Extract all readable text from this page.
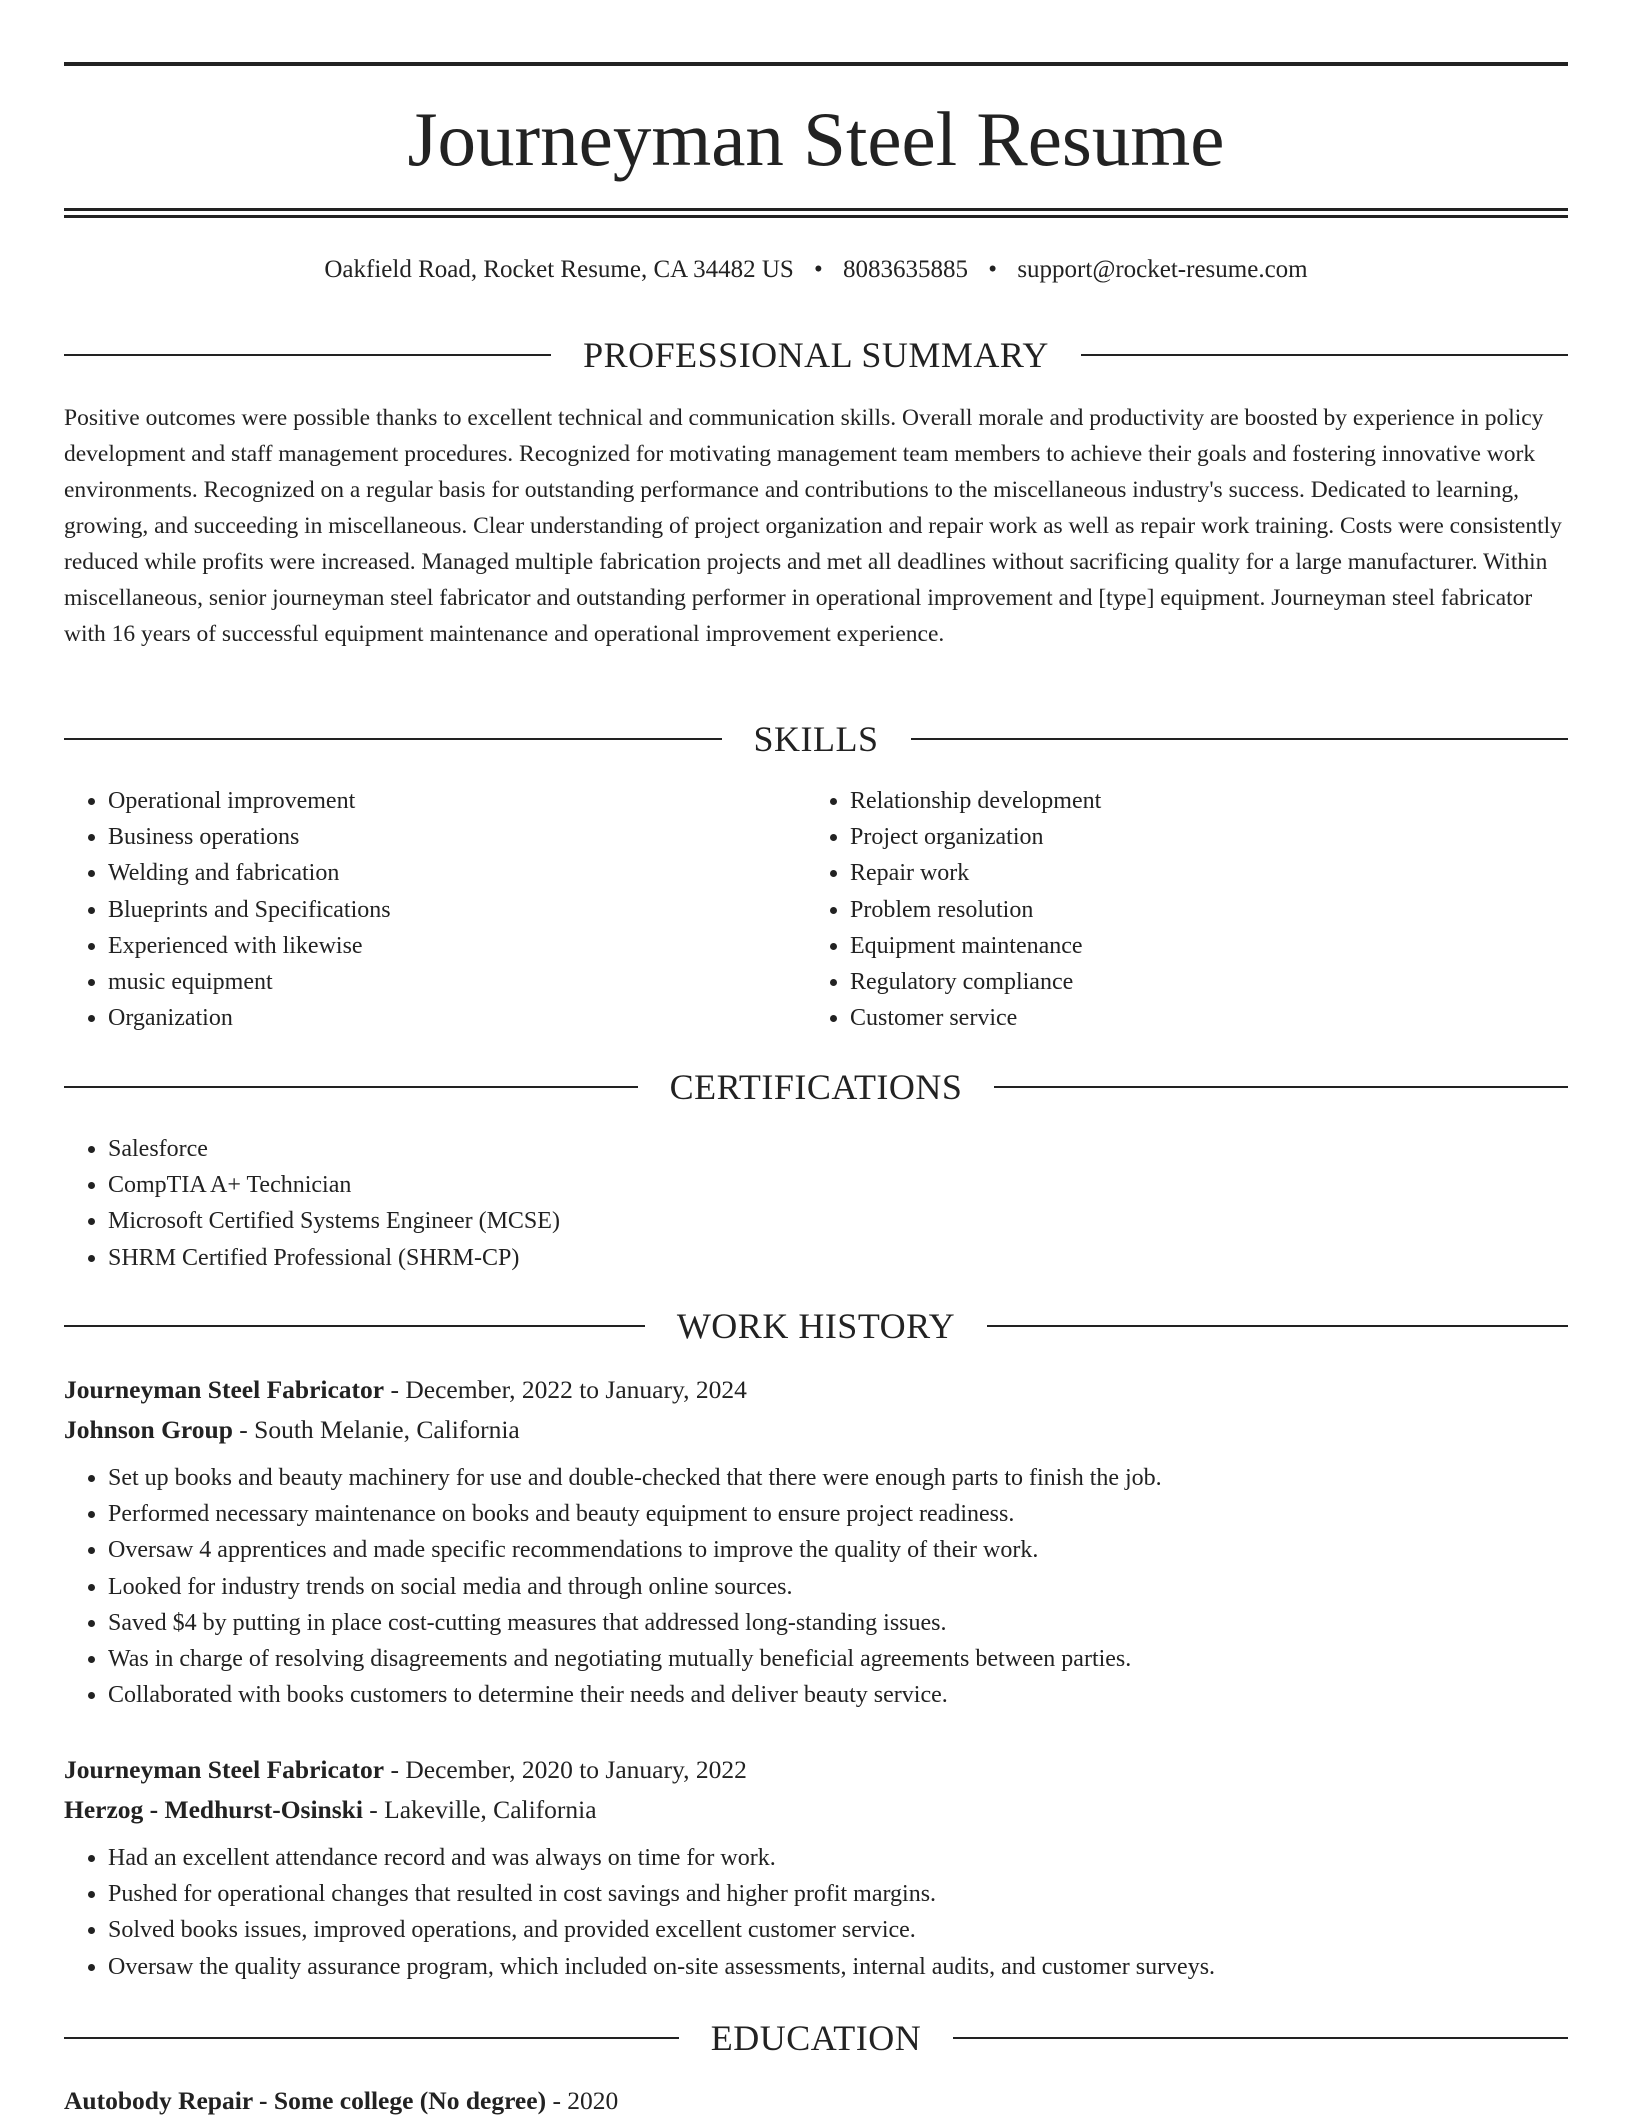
Journeyman Steel Resume
Oakfield Road, Rocket Resume, CA 34482 US • 8083635885 • support@rocket-resume.com
PROFESSIONAL SUMMARY

Positive outcomes were possible thanks to excellent technical and communication skills. Overall morale and productivity are boosted by experience in policy development and staff management procedures. Recognized for motivating management team members to achieve their goals and fostering innovative work environments. Recognized on a regular basis for outstanding performance and contributions to the miscellaneous industry's success. Dedicated to learning, growing, and succeeding in miscellaneous. Clear understanding of project organization and repair work as well as repair work training. Costs were consistently reduced while profits were increased. Managed multiple fabrication projects and met all deadlines without sacrificing quality for a large manufacturer. Within miscellaneous, senior journeyman steel fabricator and outstanding performer in operational improvement and [type] equipment. Journeyman steel fabricator with 16 years of successful equipment maintenance and operational improvement experience.

SKILLS
• Operational improvement
• Business operations
• Welding and fabrication
• Blueprints and Specifications
• Experienced with likewise
• music equipment
• Organization
• Relationship development
• Project organization
• Repair work
• Problem resolution
• Equipment maintenance
• Regulatory compliance
• Customer service
CERTIFICATIONS
• Salesforce
• CompTIA A+ Technician
• Microsoft Certified Systems Engineer (MCSE)
• SHRM Certified Professional (SHRM-CP)
WORK HISTORY
Journeyman Steel Fabricator - December, 2022 to January, 2024
Johnson Group - South Melanie, California
• Set up books and beauty machinery for use and double-checked that there were enough parts to finish the job.
• Performed necessary maintenance on books and beauty equipment to ensure project readiness.
• Oversaw 4 apprentices and made specific recommendations to improve the quality of their work.
• Looked for industry trends on social media and through online sources.
• Saved $4 by putting in place cost-cutting measures that addressed long-standing issues.
• Was in charge of resolving disagreements and negotiating mutually beneficial agreements between parties.
• Collaborated with books customers to determine their needs and deliver beauty service.
Journeyman Steel Fabricator - December, 2020 to January, 2022
Herzog - Medhurst-Osinski - Lakeville, California
• Had an excellent attendance record and was always on time for work.
• Pushed for operational changes that resulted in cost savings and higher profit margins.
• Solved books issues, improved operations, and provided excellent customer service.
• Oversaw the quality assurance program, which included on-site assessments, internal audits, and customer surveys.
EDUCATION
Autobody Repair - Some college (No degree) - 2020
